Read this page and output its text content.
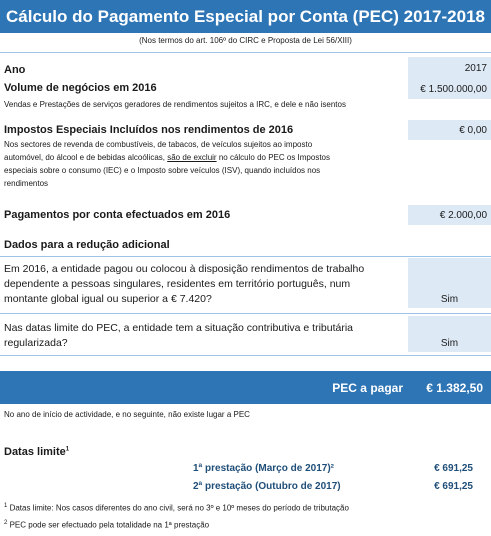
Cálculo do Pagamento Especial por Conta (PEC) 2017-2018
(Nos termos do art. 106º do CIRC e Proposta de Lei 56/XIII)
Ano	2017
Volume de negócios em 2016	€ 1.500.000,00
Vendas e Prestações de serviços geradores de rendimentos sujeitos a IRC, e dele e não isentos
Impostos Especiais Incluídos nos rendimentos de 2016	€ 0,00
Nos sectores de revenda de combustíveis, de tabacos, de veículos sujeitos ao imposto
automóvel, do álcool e de bebidas alcoólicas, são de excluir no cálculo do PEC os Impostos
especiais sobre o consumo (IEC) e o Imposto sobre veículos (ISV), quando incluídos nos
rendimentos
Pagamentos por conta efectuados em 2016	€ 2.000,00
Dados para a redução adicional
Em 2016, a entidade pagou ou colocou à disposição rendimentos de trabalho
dependente a pessoas singulares, residentes em território português, num
montante global igual ou superior a € 7.420?	Sim
Nas datas limite do PEC, a entidade tem a situação contributiva e tributária
regularizada?	Sim
PEC a pagar € 1.382,50
No ano de início de actividade, e no seguinte, não existe lugar a PEC
Datas limite$^1$
1ª prestação (Março de 2017)²	€ 691,25
2ª prestação (Outubro de 2017)	€ 691,25
$^1$ Datas limite: Nos casos diferentes do ano civil, será no 3º e 10º meses do período de tributação
$^2$ PEC pode ser efectuado pela totalidade na 1ª prestação
